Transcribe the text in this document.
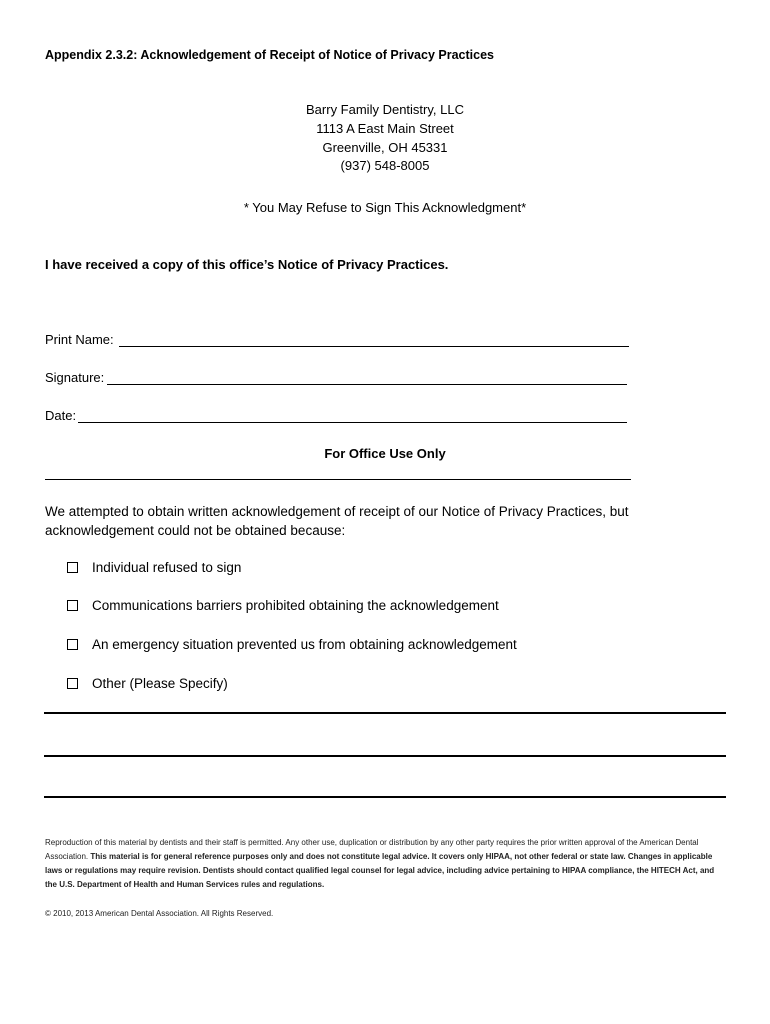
Appendix 2.3.2: Acknowledgement of Receipt of Notice of Privacy Practices
Barry Family Dentistry, LLC
1113 A East Main Street
Greenville, OH 45331
(937) 548-8005
* You May Refuse to Sign This Acknowledgment*
I have received a copy of this office’s Notice of Privacy Practices.
Print Name:
Signature:
Date:
For Office Use Only
We attempted to obtain written acknowledgement of receipt of our Notice of Privacy Practices, but acknowledgement could not be obtained because:
Individual refused to sign
Communications barriers prohibited obtaining the acknowledgement
An emergency situation prevented us from obtaining acknowledgement
Other (Please Specify)
Reproduction of this material by dentists and their staff is permitted. Any other use, duplication or distribution by any other party requires the prior written approval of the American Dental Association. This material is for general reference purposes only and does not constitute legal advice. It covers only HIPAA, not other federal or state law. Changes in applicable laws or regulations may require revision. Dentists should contact qualified legal counsel for legal advice, including advice pertaining to HIPAA compliance, the HITECH Act, and the U.S. Department of Health and Human Services rules and regulations.
© 2010, 2013 American Dental Association. All Rights Reserved.
